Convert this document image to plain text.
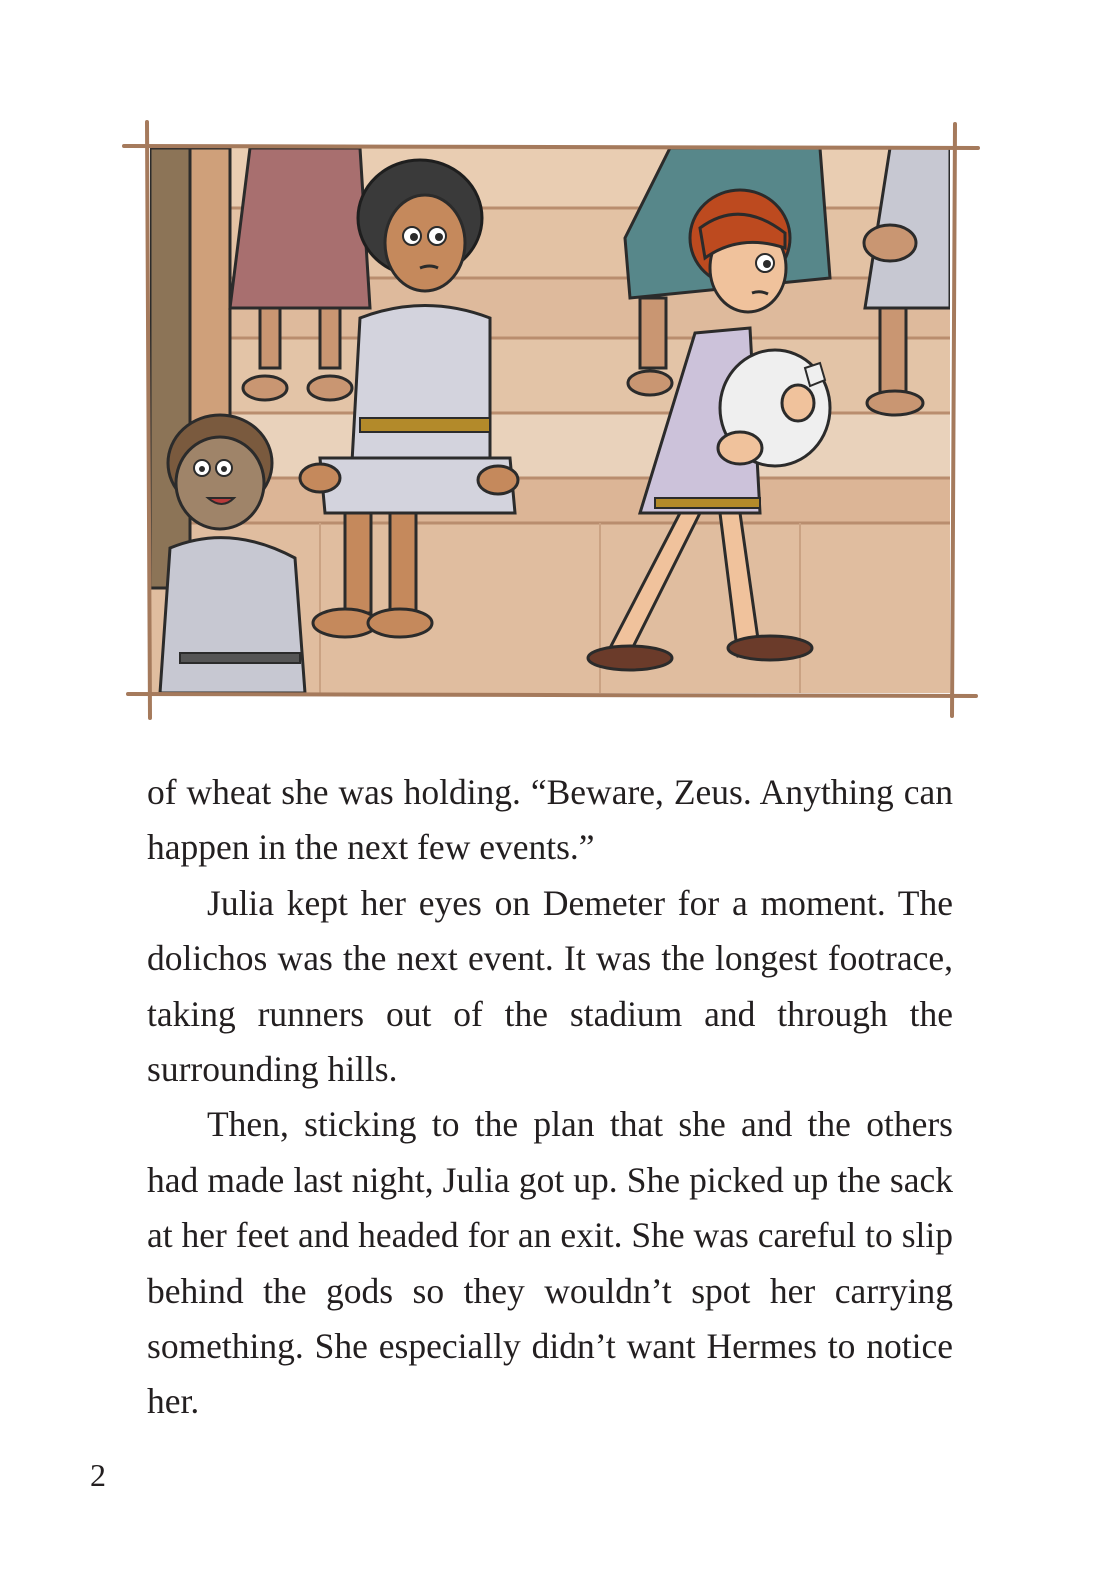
of wheat she was holding. “Beware, Zeus. Anything can happen in the next few events.”

Julia kept her eyes on Demeter for a moment. The dolichos was the next event. It was the longest footrace, taking runners out of the stadium and through the surrounding hills.

Then, sticking to the plan that she and the others had made last night, Julia got up. She picked up the sack at her feet and headed for an exit. She was careful to slip behind the gods so they wouldn’t spot her carrying something. She especially didn’t want Hermes to notice her.

2
